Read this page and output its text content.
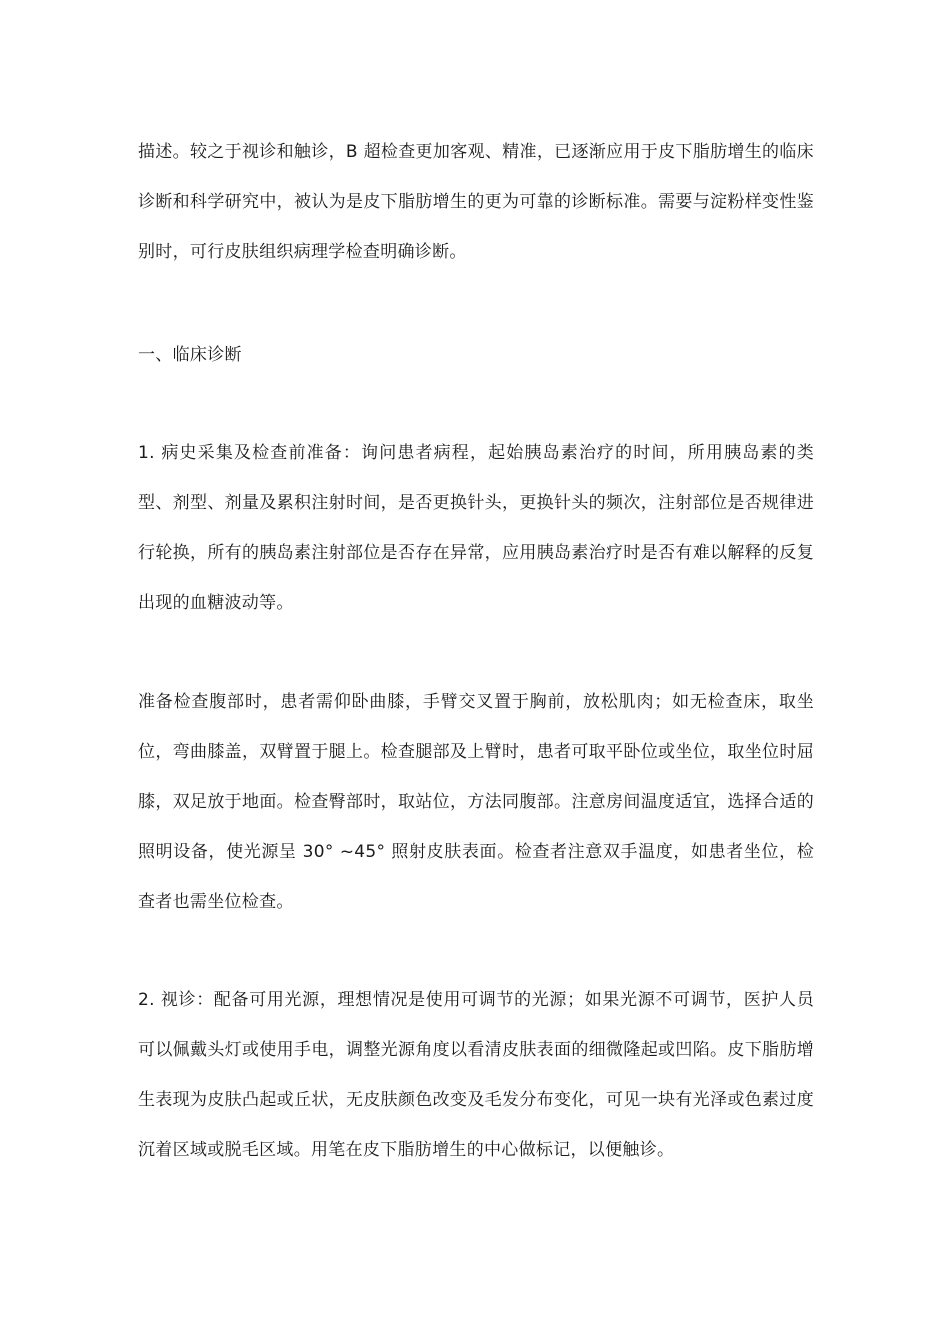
描述。较之于视诊和触诊，B 超检查更加客观、精准，已逐渐应用于皮下脂肪增生的临床诊断和科学研究中，被认为是皮下脂肪增生的更为可靠的诊断标准。需要与淀粉样变性鉴别时，可行皮肤组织病理学检查明确诊断。

一、临床诊断

1. 病史采集及检查前准备：询问患者病程，起始胰岛素治疗的时间，所用胰岛素的类型、剂型、剂量及累积注射时间，是否更换针头，更换针头的频次，注射部位是否规律进行轮换，所有的胰岛素注射部位是否存在异常，应用胰岛素治疗时是否有难以解释的反复出现的血糖波动等。

准备检查腹部时，患者需仰卧曲膝，手臂交叉置于胸前，放松肌肉；如无检查床，取坐位，弯曲膝盖，双臂置于腿上。检查腿部及上臂时，患者可取平卧位或坐位，取坐位时屈膝，双足放于地面。检查臀部时，取站位，方法同腹部。注意房间温度适宜，选择合适的照明设备，使光源呈 30° ~45° 照射皮肤表面。检查者注意双手温度，如患者坐位，检查者也需坐位检查。

2. 视诊：配备可用光源，理想情况是使用可调节的光源；如果光源不可调节，医护人员可以佩戴头灯或使用手电，调整光源角度以看清皮肤表面的细微隆起或凹陷。皮下脂肪增生表现为皮肤凸起或丘状，无皮肤颜色改变及毛发分布变化，可见一块有光泽或色素过度沉着区域或脱毛区域。用笔在皮下脂肪增生的中心做标记，以便触诊。
